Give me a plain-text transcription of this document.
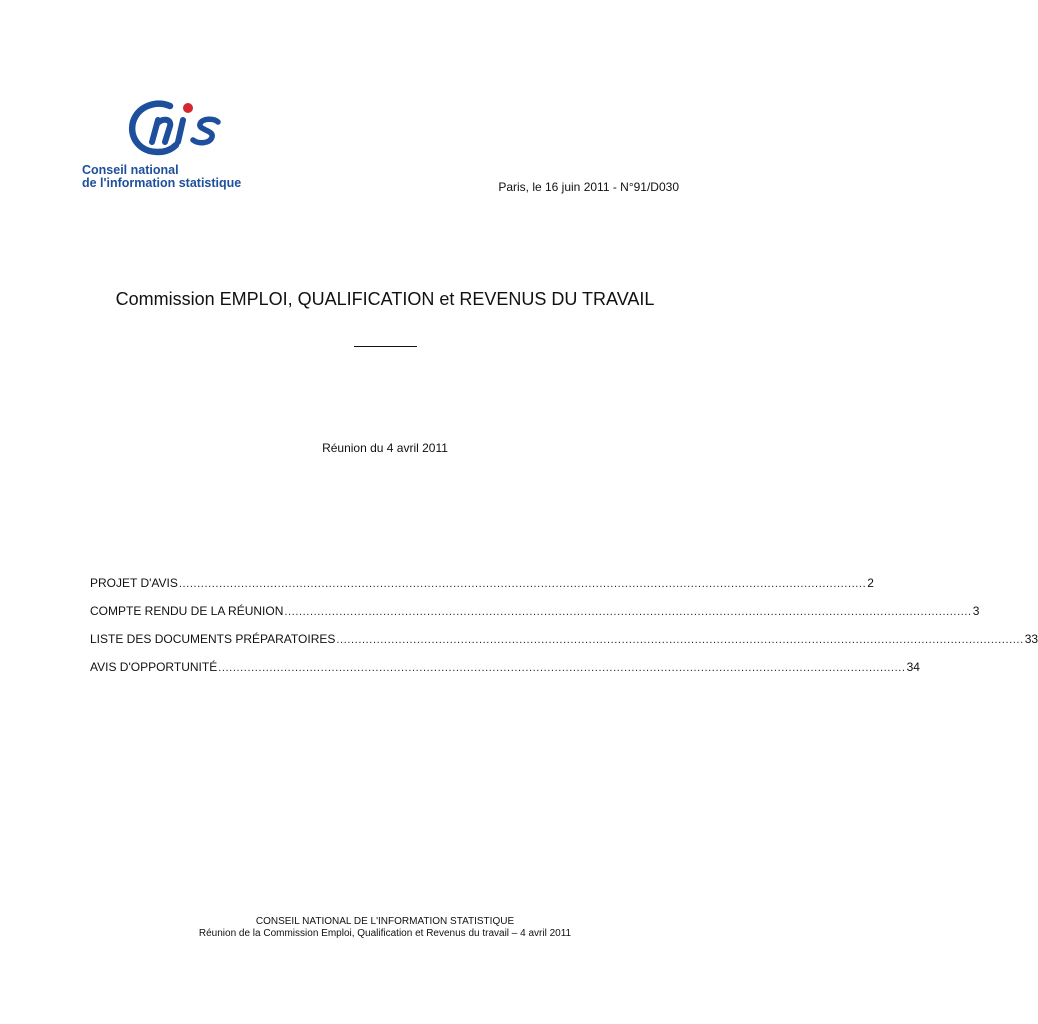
Conseil national
de l'information statistique	Paris, le 16 juin 2011 - N°91/D030
Commission EMPLOI, QUALIFICATION et REVENUS DU TRAVAIL
Réunion du 4 avril 2011
PROJET D'AVIS ............................................................................................................................................................................................ 2
COMPTE RENDU DE LA RÉUNION ............................................................................................................................................................................................ 3
LISTE DES DOCUMENTS PRÉPARATOIRES ............................................................................................................................................................................................ 33
AVIS D'OPPORTUNITÉ ............................................................................................................................................................................................ 34
CONSEIL NATIONAL DE L'INFORMATION STATISTIQUE
Réunion de la Commission Emploi, Qualification et Revenus du travail – 4 avril 2011
